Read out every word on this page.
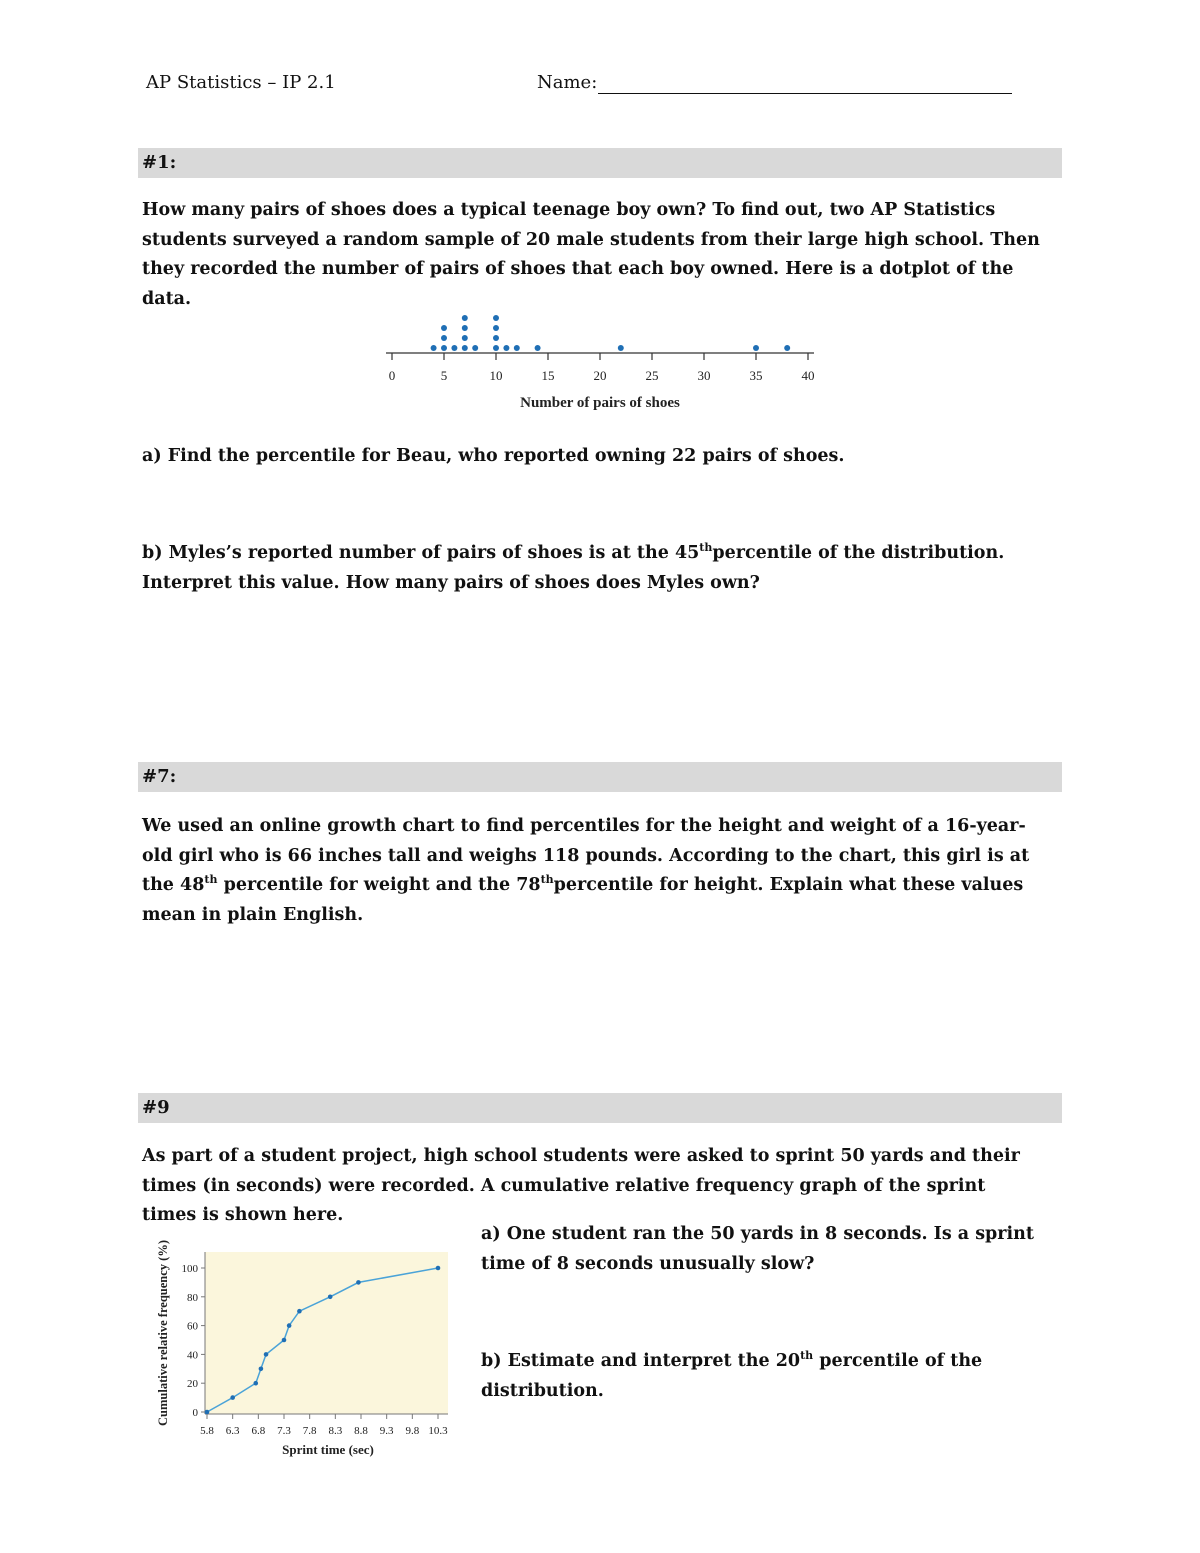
AP Statistics – IP 2.1	Name:
#1:
How many pairs of shoes does a typical teenage boy own? To find out, two AP Statistics students surveyed a random sample of 20 male students from their large high school. Then they recorded the number of pairs of shoes that each boy owned. Here is a dotplot of the data.
0	5	10	15	20	25	30	35	40
Number of pairs of shoes
a) Find the percentile for Beau, who reported owning 22 pairs of shoes.
b) Myles’s reported number of pairs of shoes is at the 45thpercentile of the distribution. Interpret this value. How many pairs of shoes does Myles own?
#7:
We used an online growth chart to find percentiles for the height and weight of a 16-year-old girl who is 66 inches tall and weighs 118 pounds. According to the chart, this girl is at the 48th percentile for weight and the 78thpercentile for height. Explain what these values mean in plain English.
#9
As part of a student project, high school students were asked to sprint 50 yards and their times (in seconds) were recorded. A cumulative relative frequency graph of the sprint times is shown here.
0
20
40
60
80
100
5.8 6.3 6.8 7.3 7.8 8.3 8.8 9.3 9.8 10.3
Sprint time (sec)
Cumulative relative frequency (%)
a) One student ran the 50 yards in 8 seconds. Is a sprint time of 8 seconds unusually slow?
b) Estimate and interpret the 20th percentile of the distribution.
